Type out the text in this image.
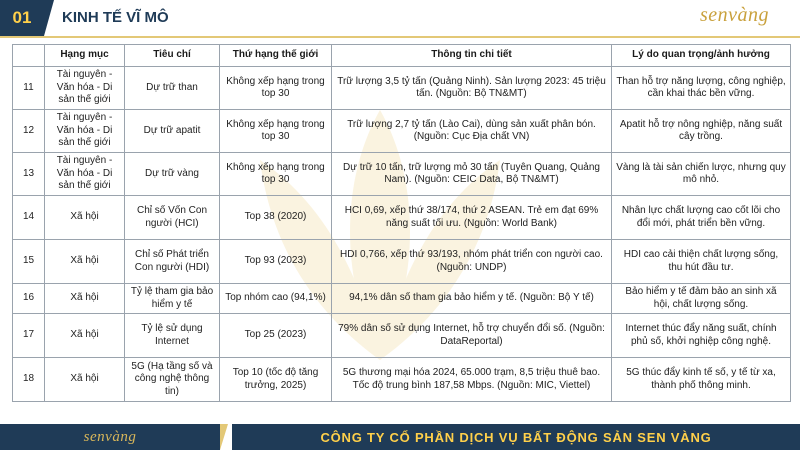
01	KINH TẾ VĨ MÔ	senvàng
	Hạng mục	Tiêu chí	Thứ hạng thế giới	Thông tin chi tiết	Lý do quan trọng/ảnh hưởng
11	Tài nguyên - Văn hóa - Di sản thế giới	Dự trữ than	Không xếp hạng trong top 30	Trữ lượng 3,5 tỷ tấn (Quảng Ninh). Sản lượng 2023: 45 triệu tấn. (Nguồn: Bộ TN&MT)	Than hỗ trợ năng lượng, công nghiệp, cần khai thác bền vững.
12	Tài nguyên - Văn hóa - Di sản thế giới	Dự trữ apatit	Không xếp hạng trong top 30	Trữ lượng 2,7 tỷ tấn (Lào Cai), dùng sản xuất phân bón. (Nguồn: Cục Địa chất VN)	Apatit hỗ trợ nông nghiệp, năng suất cây trồng.
13	Tài nguyên - Văn hóa - Di sản thế giới	Dự trữ vàng	Không xếp hạng trong top 30	Dự trữ 10 tấn, trữ lượng mỏ 30 tấn (Tuyên Quang, Quảng Nam). (Nguồn: CEIC Data, Bộ TN&MT)	Vàng là tài sản chiến lược, nhưng quy mô nhỏ.
14	Xã hội	Chỉ số Vốn Con người (HCI)	Top 38 (2020)	HCI 0,69, xếp thứ 38/174, thứ 2 ASEAN. Trẻ em đạt 69% năng suất tối ưu. (Nguồn: World Bank)	Nhân lực chất lượng cao cốt lõi cho đổi mới, phát triển bền vững.
15	Xã hội	Chỉ số Phát triển Con người (HDI)	Top 93 (2023)	HDI 0,766, xếp thứ 93/193, nhóm phát triển con người cao. (Nguồn: UNDP)	HDI cao cải thiện chất lượng sống, thu hút đầu tư.
16	Xã hội	Tỷ lệ tham gia bảo hiểm y tế	Top nhóm cao (94,1%)	94,1% dân số tham gia bảo hiểm y tế. (Nguồn: Bộ Y tế)	Bảo hiểm y tế đảm bảo an sinh xã hội, chất lượng sống.
17	Xã hội	Tỷ lệ sử dụng Internet	Top 25 (2023)	79% dân số sử dụng Internet, hỗ trợ chuyển đổi số. (Nguồn: DataReportal)	Internet thúc đẩy năng suất, chính phủ số, khởi nghiệp công nghệ.
18	Xã hội	5G (Hạ tầng số và công nghệ thông tin)	Top 10 (tốc độ tăng trưởng, 2025)	5G thương mại hóa 2024, 65.000 trạm, 8,5 triệu thuê bao. Tốc độ trung bình 187,58 Mbps. (Nguồn: MIC, Viettel)	5G thúc đẩy kinh tế số, y tế từ xa, thành phố thông minh.
senvàng	CÔNG TY CỔ PHẦN DỊCH VỤ BẤT ĐỘNG SẢN SEN VÀNG
